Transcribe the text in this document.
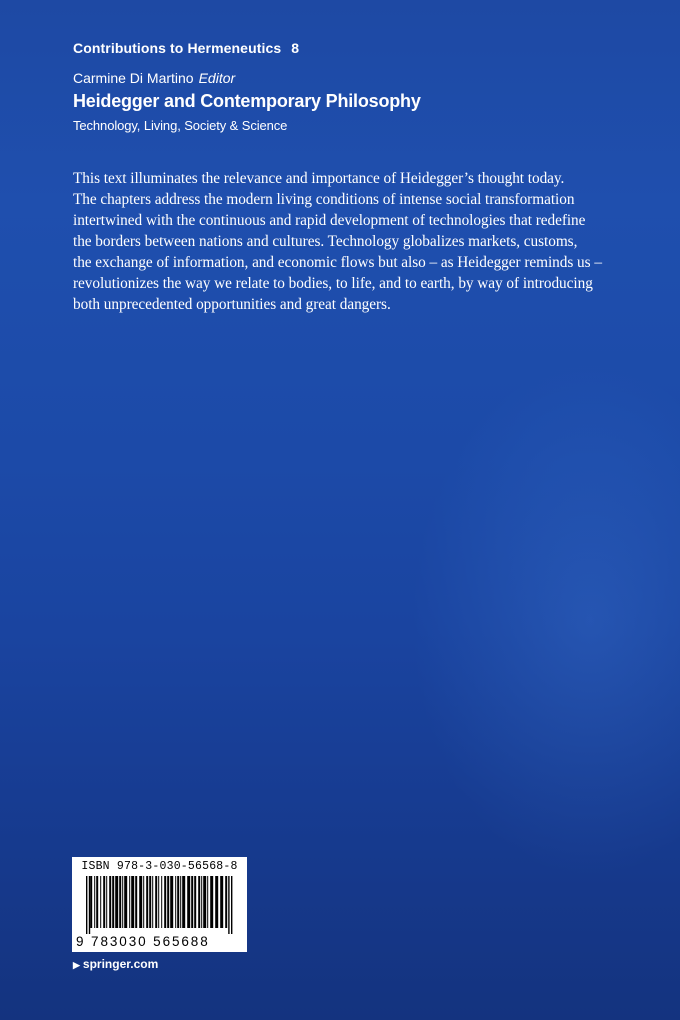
Contributions to Hermeneutics 8
Carmine Di Martino Editor
Heidegger and Contemporary Philosophy
Technology, Living, Society & Science
This text illuminates the relevance and importance of Heidegger’s thought today.
The chapters address the modern living conditions of intense social transformation
intertwined with the continuous and rapid development of technologies that redefine
the borders between nations and cultures. Technology globalizes markets, customs,
the exchange of information, and economic flows but also – as Heidegger reminds us –
revolutionizes the way we relate to bodies, to life, and to earth, by way of introducing
both unprecedented opportunities and great dangers.
ISBN 978-3-030-56568-8
9 783030 565688
▶ springer.com
